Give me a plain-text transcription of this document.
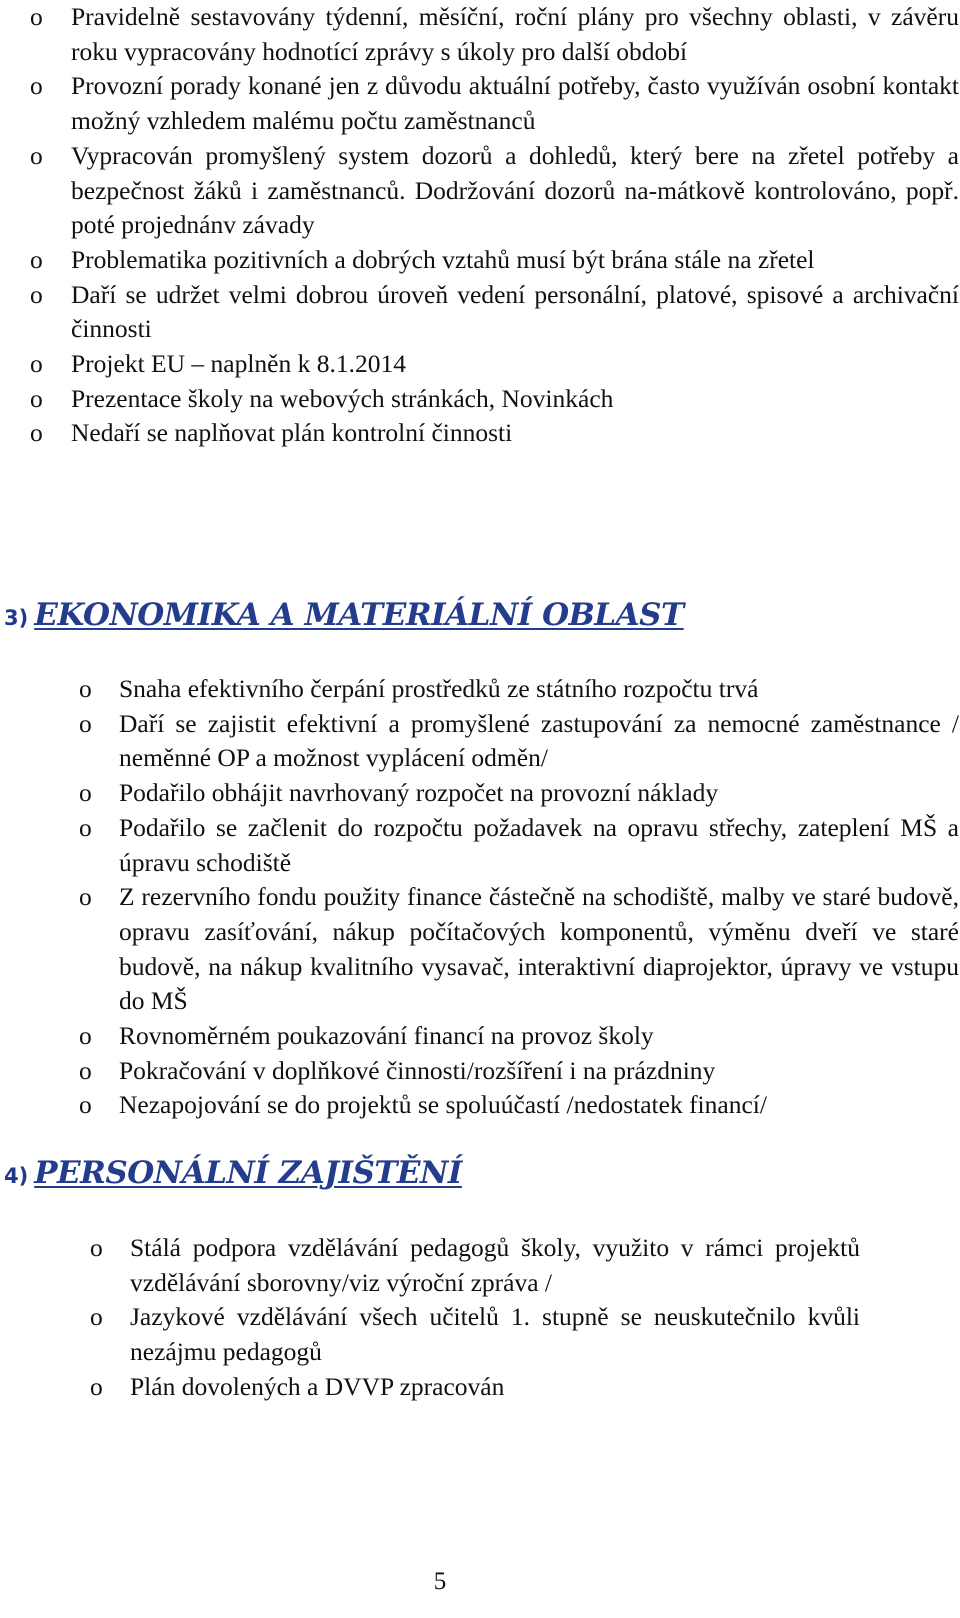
o Pravidelně sestavovány týdenní, měsíční, roční plány pro všechny oblasti, v závěru roku vypracovány hodnotící zprávy s úkoly pro další období
o Provozní porady konané jen z důvodu aktuální potřeby, často využíván osobní kontakt možný vzhledem malému počtu zaměstnanců
o Vypracován promyšlený system dozorů a dohledů, který bere na zřetel potřeby a bezpečnost žáků i zaměstnanců. Dodržování dozorů na-mátkově kontrolováno, popř. poté projednánv závady
o Problematika pozitivních a dobrých vztahů musí být brána stále na zřetel
o Daří se udržet velmi dobrou úroveň vedení personální, platové, spisové a archivační činnosti
o Projekt EU – naplněn k 8.1.2014
o Prezentace školy na webových stránkách, Novinkách
o Nedaří se naplňovat plán kontrolní činnosti
3) EKONOMIKA A MATERIÁLNÍ OBLAST
o Snaha efektivního čerpání prostředků ze státního rozpočtu trvá
o Daří se zajistit efektivní a promyšlené zastupování za nemocné zaměstnance / neměnné OP a možnost vyplácení odměn/
o Podařilo obhájit navrhovaný rozpočet na provozní náklady
o Podařilo se začlenit do rozpočtu požadavek na opravu střechy, zateplení MŠ a úpravu schodiště
o Z rezervního fondu použity finance částečně na schodiště, malby ve staré budově, opravu zasíťování, nákup počítačových komponentů, výměnu dveří ve staré budově, na nákup kvalitního vysavač, interaktivní diaprojektor, úpravy ve vstupu do MŠ
o Rovnoměrném poukazování financí na provoz školy
o Pokračování v doplňkové činnosti/rozšíření i na prázdniny
o Nezapojování se do projektů se spoluúčastí /nedostatek financí/
4) PERSONÁLNÍ ZAJIŠTĚNÍ
o Stálá podpora vzdělávání pedagogů školy, využito v rámci projektů vzdělávání sborovny/viz výroční zpráva /
o Jazykové vzdělávání všech učitelů 1. stupně se neuskutečnilo kvůli nezájmu pedagogů
o Plán dovolených a DVVP zpracován
5
